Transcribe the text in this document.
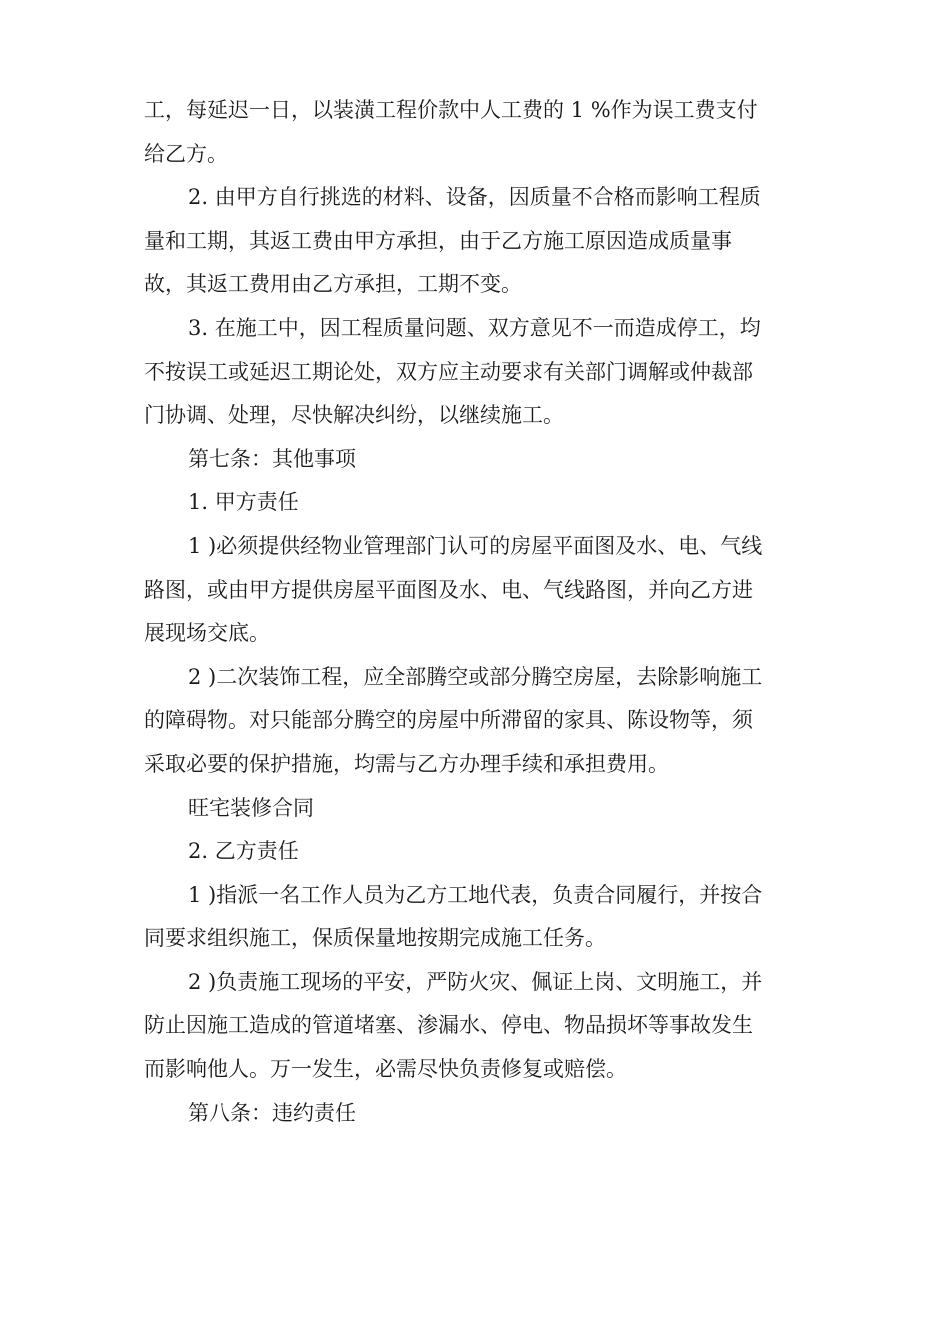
工，每延迟一日，以装潢工程价款中人工费的 1 %作为误工费支付
给乙方。
2. 由甲方自行挑选的材料、设备，因质量不合格而影响工程质
量和工期，其返工费由甲方承担，由于乙方施工原因造成质量事
故，其返工费用由乙方承担，工期不变。
3. 在施工中，因工程质量问题、双方意见不一而造成停工，均
不按误工或延迟工期论处，双方应主动要求有关部门调解或仲裁部
门协调、处理，尽快解决纠纷，以继续施工。
第七条：其他事项
1. 甲方责任
1 )必须提供经物业管理部门认可的房屋平面图及水、电、气线
路图，或由甲方提供房屋平面图及水、电、气线路图，并向乙方进
展现场交底。
2 )二次装饰工程，应全部腾空或部分腾空房屋，去除影响施工
的障碍物。对只能部分腾空的房屋中所滞留的家具、陈设物等，须
采取必要的保护措施，均需与乙方办理手续和承担费用。
旺宅装修合同
2. 乙方责任
1 )指派一名工作人员为乙方工地代表，负责合同履行，并按合
同要求组织施工，保质保量地按期完成施工任务。
2 )负责施工现场的平安，严防火灾、佩证上岗、文明施工，并
防止因施工造成的管道堵塞、渗漏水、停电、物品损坏等事故发生
而影响他人。万一发生，必需尽快负责修复或赔偿。
第八条：违约责任
